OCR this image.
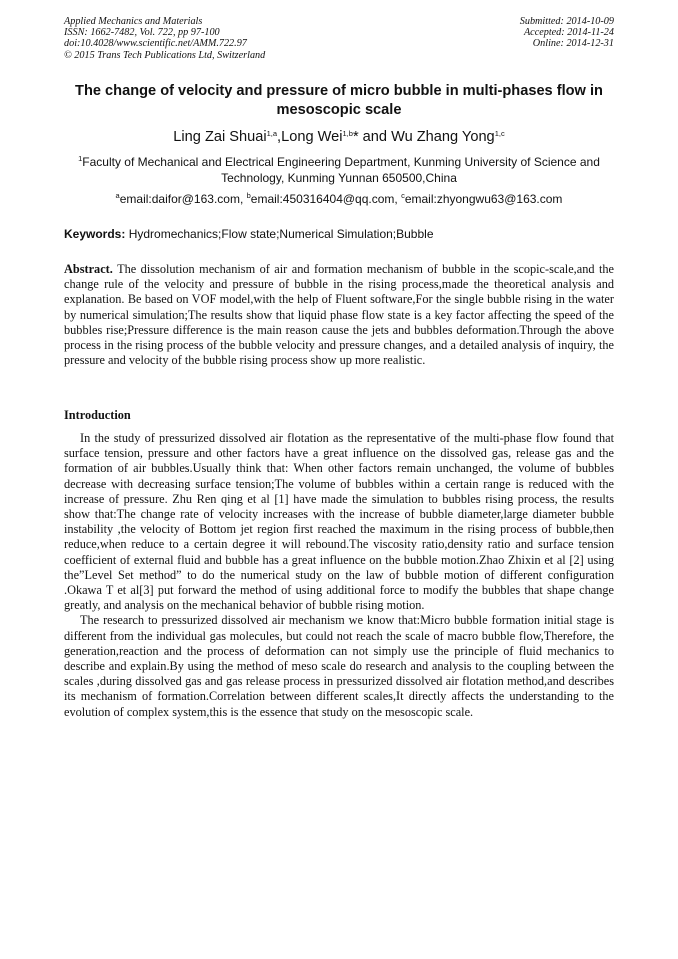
Applied Mechanics and Materials
ISSN: 1662-7482, Vol. 722, pp 97-100
doi:10.4028/www.scientific.net/AMM.722.97
© 2015 Trans Tech Publications Ltd, Switzerland
Submitted: 2014-10-09
Accepted: 2014-11-24
Online: 2014-12-31
The change of velocity and pressure of micro bubble in multi-phases flow in mesoscopic scale
Ling Zai Shuai$^{1,a}$,Long Wei$^{1,b}$* and Wu Zhang Yong$^{1,c}$
$^1$Faculty of Mechanical and Electrical Engineering Department, Kunming University of Science and Technology, Kunming Yunnan 650500,China
$^a$email:daifor@163.com, $^b$email:450316404@qq.com, $^c$email:zhyongwu63@163.com
Keywords: Hydromechanics;Flow state;Numerical Simulation;Bubble
Abstract. The dissolution mechanism of air and formation mechanism of bubble in the scopic-scale,and the change rule of the velocity and pressure of bubble in the rising process,made the theoretical analysis and explanation. Be based on VOF model,with the help of Fluent software,For the single bubble rising in the water by numerical simulation;The results show that liquid phase flow state is a key factor affecting the speed of the bubbles rise;Pressure difference is the main reason cause the jets and bubbles deformation.Through the above process in the rising process of the bubble velocity and pressure changes, and a detailed analysis of inquiry, the pressure and velocity of the bubble rising process show up more realistic.
Introduction

In the study of pressurized dissolved air flotation as the representative of the multi-phase flow found that surface tension, pressure and other factors have a great influence on the dissolved gas, release gas and the formation of air bubbles.Usually think that: When other factors remain unchanged, the volume of bubbles decrease with decreasing surface tension;The volume of bubbles within a certain range is reduced with the increase of pressure. Zhu Ren qing et al [1] have made the simulation to bubbles rising process, the results show that:The change rate of velocity increases with the increase of bubble diameter,large diameter bubble instability ,the velocity of Bottom jet region first reached the maximum in the rising process of bubble,then reduce,when reduce to a certain degree it will rebound.The viscosity ratio,density ratio and surface tension coefficient of external fluid and bubble has a great influence on the bubble motion.Zhao Zhixin et al [2] using the”Level Set method” to do the numerical study on the law of bubble motion of different configuration .Okawa T et al[3] put forward the method of using additional force to modify the bubbles that shape change greatly, and analysis on the mechanical behavior of bubble rising motion.

The research to pressurized dissolved air mechanism we know that:Micro bubble formation initial stage is different from the individual gas molecules, but could not reach the scale of macro bubble flow,Therefore, the generation,reaction and the process of deformation can not simply use the principle of fluid mechanics to describe and explain.By using the method of meso scale do research and analysis to the coupling between the scales ,during dissolved gas and gas release process in pressurized dissolved air flotation method,and describes its mechanism of formation.Correlation between different scales,It directly affects the understanding to the evolution of complex system,this is the essence that study on the mesoscopic scale.
